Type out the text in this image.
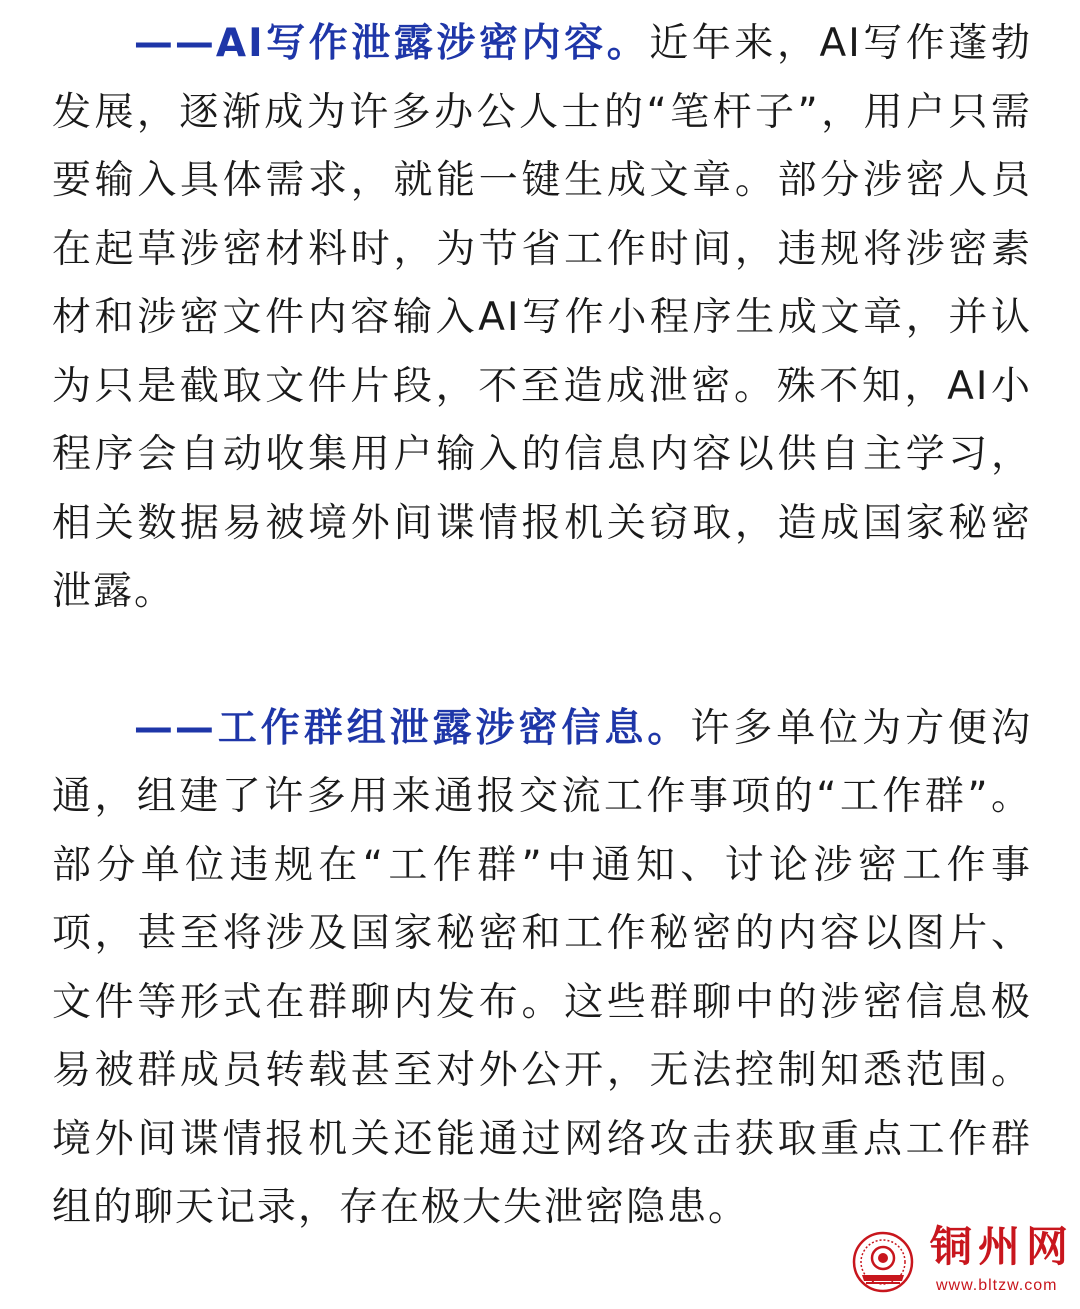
——AI写作泄露涉密内容。近年来，AI写作蓬勃发展，逐渐成为许多办公人士的“笔杆子”，用户只需要输入具体需求，就能一键生成文章。部分涉密人员在起草涉密材料时，为节省工作时间，违规将涉密素材和涉密文件内容输入AI写作小程序生成文章，并认为只是截取文件片段，不至造成泄密。殊不知，AI小程序会自动收集用户输入的信息内容以供自主学习，相关数据易被境外间谍情报机关窃取，造成国家秘密泄露。

——工作群组泄露涉密信息。许多单位为方便沟通，组建了许多用来通报交流工作事项的“工作群”。部分单位违规在“工作群”中通知、讨论涉密工作事项，甚至将涉及国家秘密和工作秘密的内容以图片、文件等形式在群聊内发布。这些群聊中的涉密信息极易被群成员转载甚至对外公开，无法控制知悉范围。境外间谍情报机关还能通过网络攻击获取重点工作群组的聊天记录，存在极大失泄密隐患。

铜州网
www.bltzw.com
